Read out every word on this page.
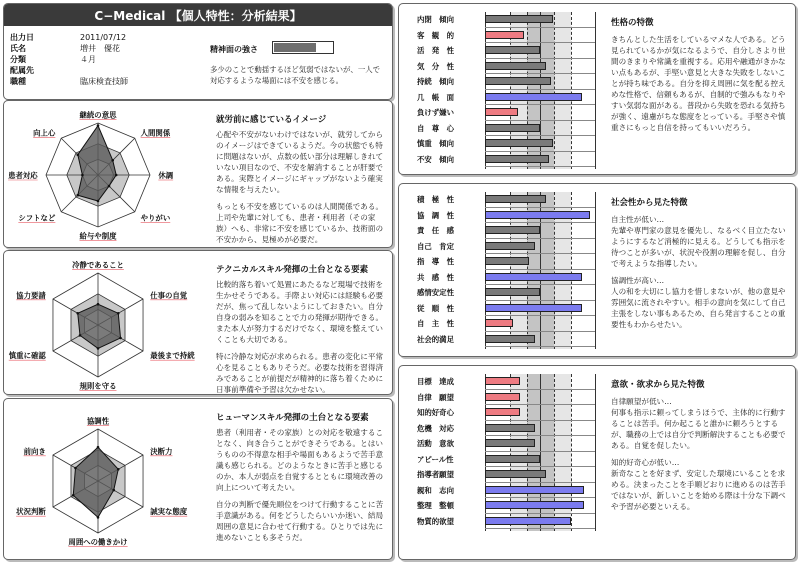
C−Medical 【個人特性：分析結果】
出力日	2011/07/12
氏名	増井　優花
分類	４月
配属先
職種	臨床検査技師
精神面の強さ
多少のことで動揺するほど気弱ではないが、一人で対応するような場面には不安を感じる。
継続の意思
人間関係
休調
やりがい
給与や制度
シフトなど
患者対応
向上心
就労前に感じているイメージ

心配や不安がないわけではないが、就労してからのイメージはできているようだ。今の状態でも特に問題はないが、点数の低い部分は理解しきれていない項目なので、不安を解消することが肝要である。実際とイメージにギャップがないよう確実な情報を与えたい。

もっとも不安を感じているのは人間関係である。上司や先輩に対しても、患者・利用者（その家族）へも、非常に不安を感じているか、技術面の不安かから、見極めが必要だ。

冷静であること
仕事の自覚
最後まで持続
規則を守る
慎重に確認
協力要請
テクニカルスキル発揮の土台となる要素

比較的落ち着いて処置にあたるなど現場で技術を生かせそうである。手際よい対応には経験も必要だが、焦って乱しないようにしておきたい。自分自身の弱みを知ることで力の発揮が期待できる。また本人が努力するだけでなく、環境を整えていくことも大切である。

特に冷静な対応が求められる。患者の変化に平常心を見ることもありそうだ。必要な技術を習得済みであることが前提だが精神的に落ち着くために日事前準備や予習は欠かせない。

協調性
決断力
誠実な態度
周囲への働きかけ
状況判断
前向き
ヒューマンスキル発揮の土台となる要素

患者（利用者・その家族）との対応を敬遠することなく、向き合うことができそうである。とはいうものの不得意な相手や場面もあるようで苦手意識も感じられる。どのようなときに苦手と感じるのか、本人が弱点を自覚するとともに環境改善の向上について考えたい。

自分の判断で優先順位をつけて行動することに苦手意識がある。何をどうしたらいいか迷い、結局周囲の意見に合わせて行動する。ひとりでは先に進めないことも多そうだ。

内閉　傾向
客　観　的
活　発　性
気　分　性
持続　傾向
几　帳　面
負けず嫌い
自　尊　心
慎重　傾向
不安　傾向
性格の特徴

きちんとした生活をしているマメな人である。どう見られているかが気になるようで、自分しさより世間のきまりや常識を重視する。応用や融通がきかない点もあるが、手堅い意見と大きな失敗をしないことが持ち味である。自分を抑え周囲に気を配る控えめな性格で、信頼もあるが、自制的で強みもなりやすい気弱な面がある。普段から失敗を恐れる気持ちが強く、遠慮がちな態度をとっている。手堅さや慎重さにもっと自信を持ってもいいだろう。

積　極　性
協　調　性
責　任　感
自己　肯定
指　導　性
共　感　性
感情安定性
従　順　性
自　主　性
社会的満足
社会性から見た特徴

自主性が低い…

先輩や専門家の意見を優先し、なるべく目立たないようにするなど消極的に見える。どうしても指示を待つことが多いが、状況や役割の理解を促し、自分で考えような指導したい。

協調性が高い…

人の和を大切にし協力を惜しまないが、他の意見や雰囲気に流されやすい。相手の意向を気にして自己主張をしない事もあるため、自ら発言することの重要性もわからせたい。

目標　達成
自律　願望
知的好奇心
危機　対応
活動　意欲
アピール性
指導者願望
親和　志向
整理　整頓
物質的欲望
意欲・欲求から見た特徴

自律願望が低い…

何事も指示に頼ってしまうほうで、主体的に行動することは苦手。何か起こると誰かに頼ろうとするが、職務の上では自分で判断解決することも必要である。自覚を促したい。

知的好奇心が低い…

新奇なことを好まず、安定した環境にいることを求める。決まったことを手順どおりに進めるのは苦手ではないが、新しいことを始める際は十分な下調べや予習が必要といえる。
